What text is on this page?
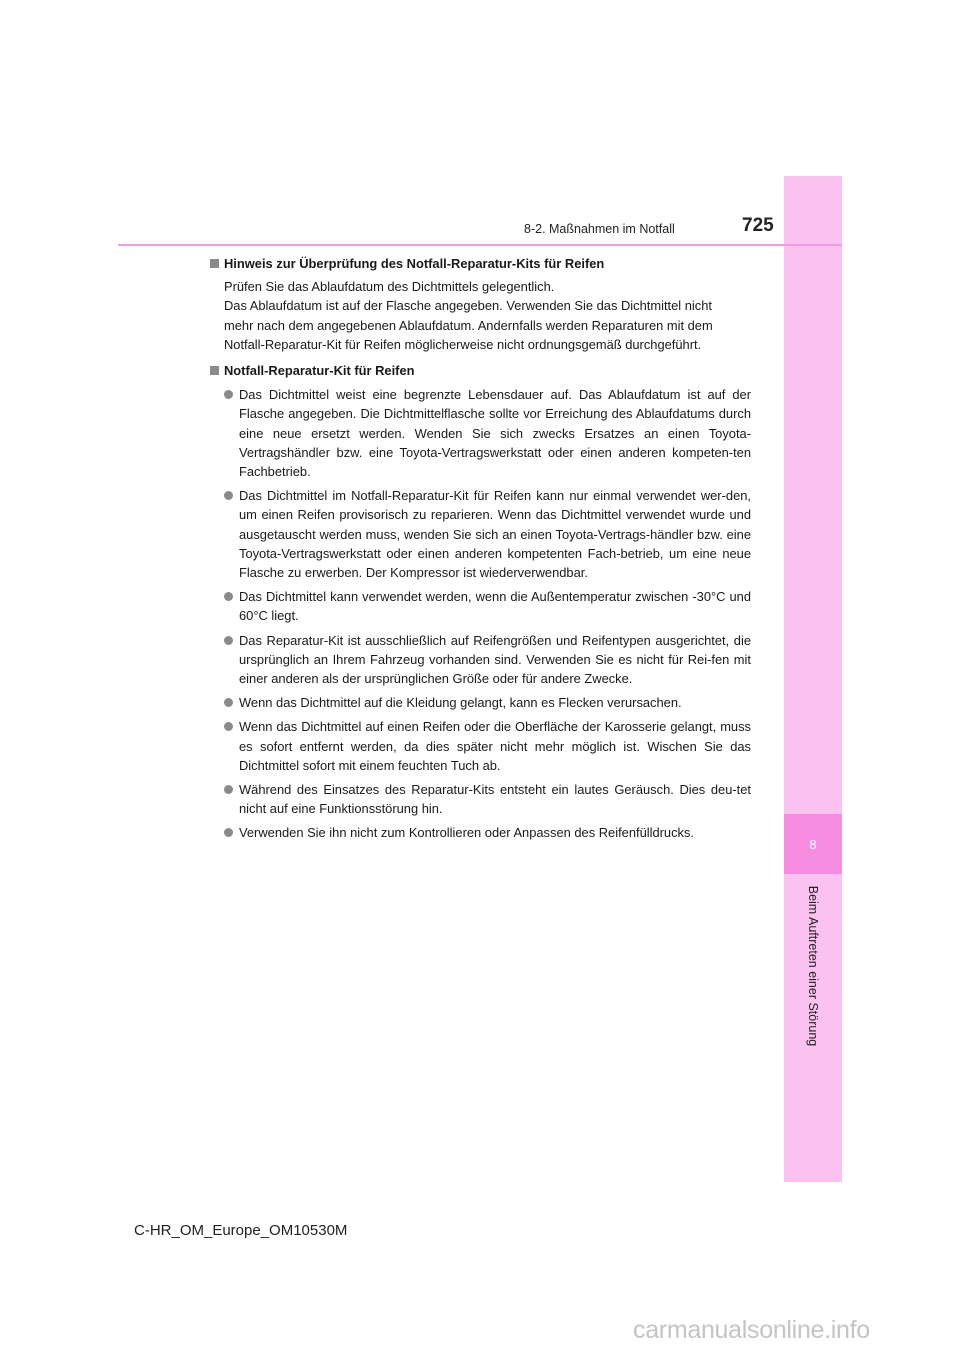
8
Beim Auftreten einer Störung
8-2. Maßnahmen im Notfall	725
Hinweis zur Überprüfung des Notfall-Reparatur-Kits für Reifen
Prüfen Sie das Ablaufdatum des Dichtmittels gelegentlich.
Das Ablaufdatum ist auf der Flasche angegeben. Verwenden Sie das Dichtmittel nicht
mehr nach dem angegebenen Ablaufdatum. Andernfalls werden Reparaturen mit dem
Notfall-Reparatur-Kit für Reifen möglicherweise nicht ordnungsgemäß durchgeführt.
Notfall-Reparatur-Kit für Reifen
Das Dichtmittel weist eine begrenzte Lebensdauer auf. Das Ablaufdatum ist auf der Flasche angegeben. Die Dichtmittelflasche sollte vor Erreichung des Ablaufdatums durch eine neue ersetzt werden. Wenden Sie sich zwecks Ersatzes an einen Toyota-Vertragshändler bzw. eine Toyota-Vertragswerkstatt oder einen anderen kompeten-ten Fachbetrieb.
Das Dichtmittel im Notfall-Reparatur-Kit für Reifen kann nur einmal verwendet wer-den, um einen Reifen provisorisch zu reparieren. Wenn das Dichtmittel verwendet wurde und ausgetauscht werden muss, wenden Sie sich an einen Toyota-Vertrags-händler bzw. eine Toyota-Vertragswerkstatt oder einen anderen kompetenten Fach-betrieb, um eine neue Flasche zu erwerben. Der Kompressor ist wiederverwendbar.
Das Dichtmittel kann verwendet werden, wenn die Außentemperatur zwischen -30°C und 60°C liegt.
Das Reparatur-Kit ist ausschließlich auf Reifengrößen und Reifentypen ausgerichtet, die ursprünglich an Ihrem Fahrzeug vorhanden sind. Verwenden Sie es nicht für Rei-fen mit einer anderen als der ursprünglichen Größe oder für andere Zwecke.
Wenn das Dichtmittel auf die Kleidung gelangt, kann es Flecken verursachen.
Wenn das Dichtmittel auf einen Reifen oder die Oberfläche der Karosserie gelangt, muss es sofort entfernt werden, da dies später nicht mehr möglich ist. Wischen Sie das Dichtmittel sofort mit einem feuchten Tuch ab.
Während des Einsatzes des Reparatur-Kits entsteht ein lautes Geräusch. Dies deu-tet nicht auf eine Funktionsstörung hin.
Verwenden Sie ihn nicht zum Kontrollieren oder Anpassen des Reifenfülldrucks.
C-HR_OM_Europe_OM10530M
carmanualsonline.info
